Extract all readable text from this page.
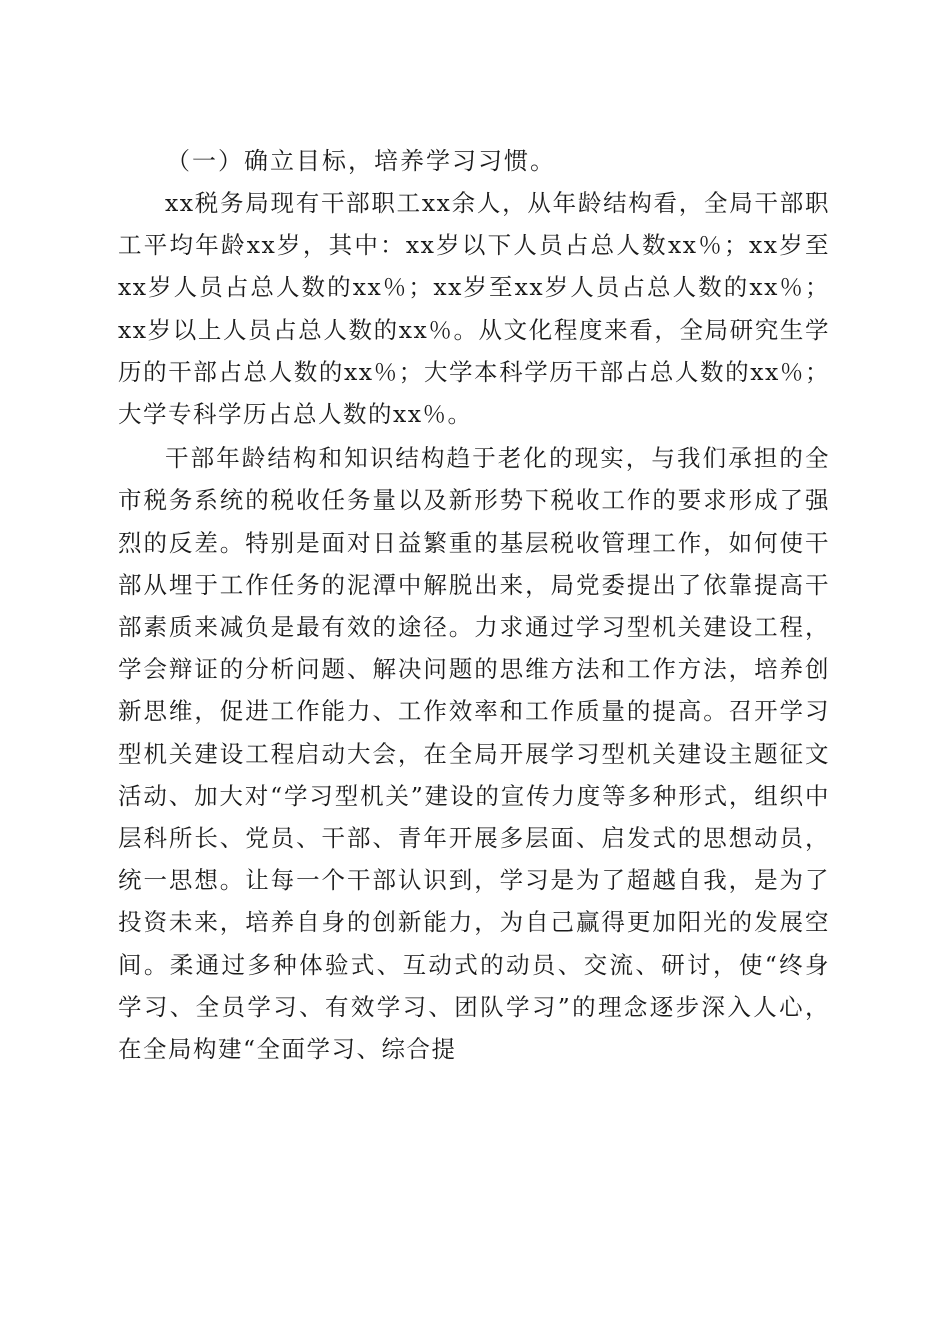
（一）确立目标，培养学习习惯。

xx税务局现有干部职工xx余人，从年龄结构看，全局干部职工平均年龄xx岁，其中：xx岁以下人员占总人数xx％；xx岁至xx岁人员占总人数的xx％；xx岁至xx岁人员占总人数的xx％；xx岁以上人员占总人数的xx％。从文化程度来看，全局研究生学历的干部占总人数的xx％；大学本科学历干部占总人数的xx％；大学专科学历占总人数的xx％。

干部年龄结构和知识结构趋于老化的现实，与我们承担的全市税务系统的税收任务量以及新形势下税收工作的要求形成了强烈的反差。特别是面对日益繁重的基层税收管理工作，如何使干部从埋于工作任务的泥潭中解脱出来，局党委提出了依靠提高干部素质来减负是最有效的途径。力求通过学习型机关建设工程，学会辩证的分析问题、解决问题的思维方法和工作方法，培养创新思维，促进工作能力、工作效率和工作质量的提高。召开学习型机关建设工程启动大会，在全局开展学习型机关建设主题征文活动、加大对“学习型机关”建设的宣传力度等多种形式，组织中层科所长、党员、干部、青年开展多层面、启发式的思想动员，统一思想。让每一个干部认识到，学习是为了超越自我，是为了投资未来，培养自身的创新能力，为自己赢得更加阳光的发展空间。柔通过多种体验式、互动式的动员、交流、研讨，使“终身学习、全员学习、有效学习、团队学习”的理念逐步深入人心，在全局构建“全面学习、综合提
